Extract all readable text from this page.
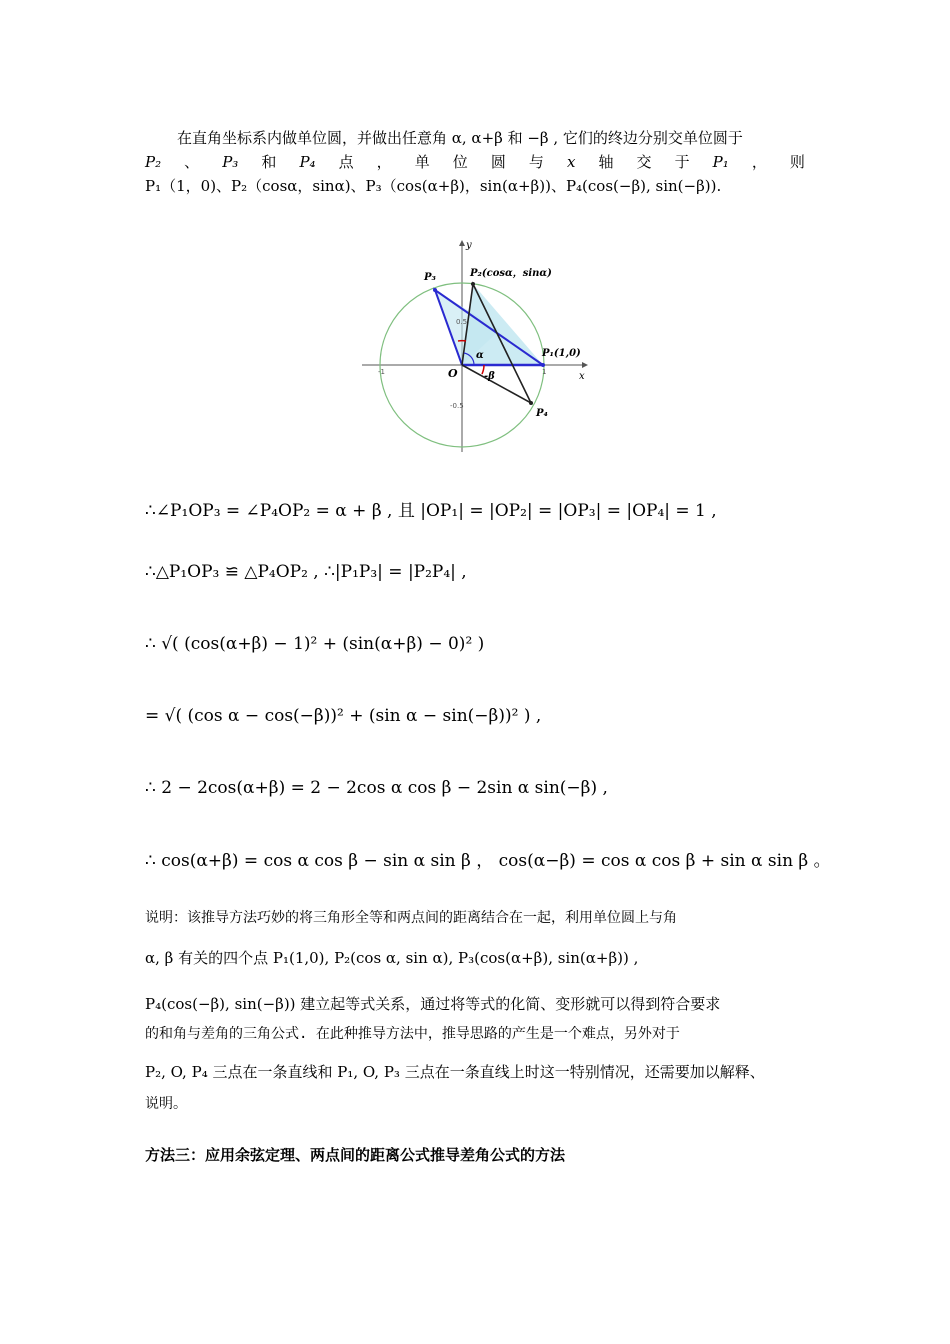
在直角坐标系内做单位圆，并做出任意角 α, α+β 和 −β , 它们的终边分别交单位圆于
P₂ 、 P₃ 和 P₄ 点 ， 单 位 圆 与 x 轴 交 于 P₁ ， 则
P₁（1，0)、P₂（cosα，sinα)、P₃（cos(α+β)，sin(α+β))、P₄(cos(−β), sin(−β)).
0.5
-0.5
-1	1
P₃	P₂(cosα，sinα)
P₁(1,0)
P₄
O	x
y
α
-β
∴∠P₁OP₃ = ∠P₄OP₂ = α + β , 且 |OP₁| = |OP₂| = |OP₃| = |OP₄| = 1 ,
∴△P₁OP₃ ≌ △P₄OP₂ , ∴|P₁P₃| = |P₂P₄| ,
∴ √( (cos(α+β) − 1)² + (sin(α+β) − 0)² )
= √( (cos α − cos(−β))² + (sin α − sin(−β))² ) ,
∴ 2 − 2cos(α+β) = 2 − 2cos α cos β − 2sin α sin(−β) ,
∴ cos(α+β) = cos α cos β − sin α sin β ， cos(α−β) = cos α cos β + sin α sin β 。
说明：该推导方法巧妙的将三角形全等和两点间的距离结合在一起，利用单位圆上与角
α, β 有关的四个点 P₁(1,0), P₂(cos α, sin α), P₃(cos(α+β), sin(α+β)) ,
P₄(cos(−β), sin(−β)) 建立起等式关系，通过将等式的化简、变形就可以得到符合要求
的和角与差角的三角公式. 在此种推导方法中，推导思路的产生是一个难点，另外对于
P₂, O, P₄ 三点在一条直线和 P₁, O, P₃ 三点在一条直线上时这一特别情况，还需要加以解释、
说明。
方法三：应用余弦定理、两点间的距离公式推导差角公式的方法
